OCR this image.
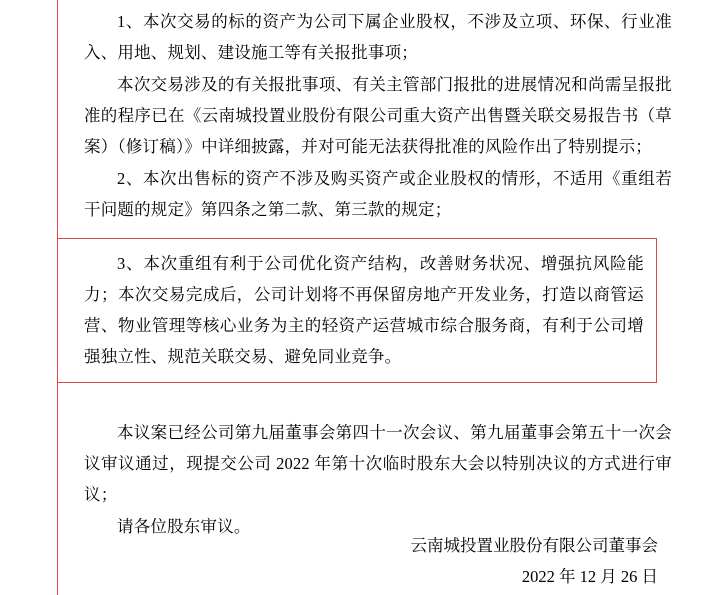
1、本次交易的标的资产为公司下属企业股权，不涉及立项、环保、行业准入、用地、规划、建设施工等有关报批事项；

本次交易涉及的有关报批事项、有关主管部门报批的进展情况和尚需呈报批准的程序已在《云南城投置业股份有限公司重大资产出售暨关联交易报告书（草案）（修订稿）》中详细披露，并对可能无法获得批准的风险作出了特别提示；

2、本次出售标的资产不涉及购买资产或企业股权的情形，不适用《重组若干问题的规定》第四条之第二款、第三款的规定；

3、本次重组有利于公司优化资产结构，改善财务状况、增强抗风险能力；本次交易完成后，公司计划将不再保留房地产开发业务，打造以商管运营、物业管理等核心业务为主的轻资产运营城市综合服务商，有利于公司增强独立性、规范关联交易、避免同业竞争。

本议案已经公司第九届董事会第四十一次会议、第九届董事会第五十一次会议审议通过，现提交公司 2022 年第十次临时股东大会以特别决议的方式进行审议；

请各位股东审议。

云南城投置业股份有限公司董事会

2022 年 12 月 26 日
